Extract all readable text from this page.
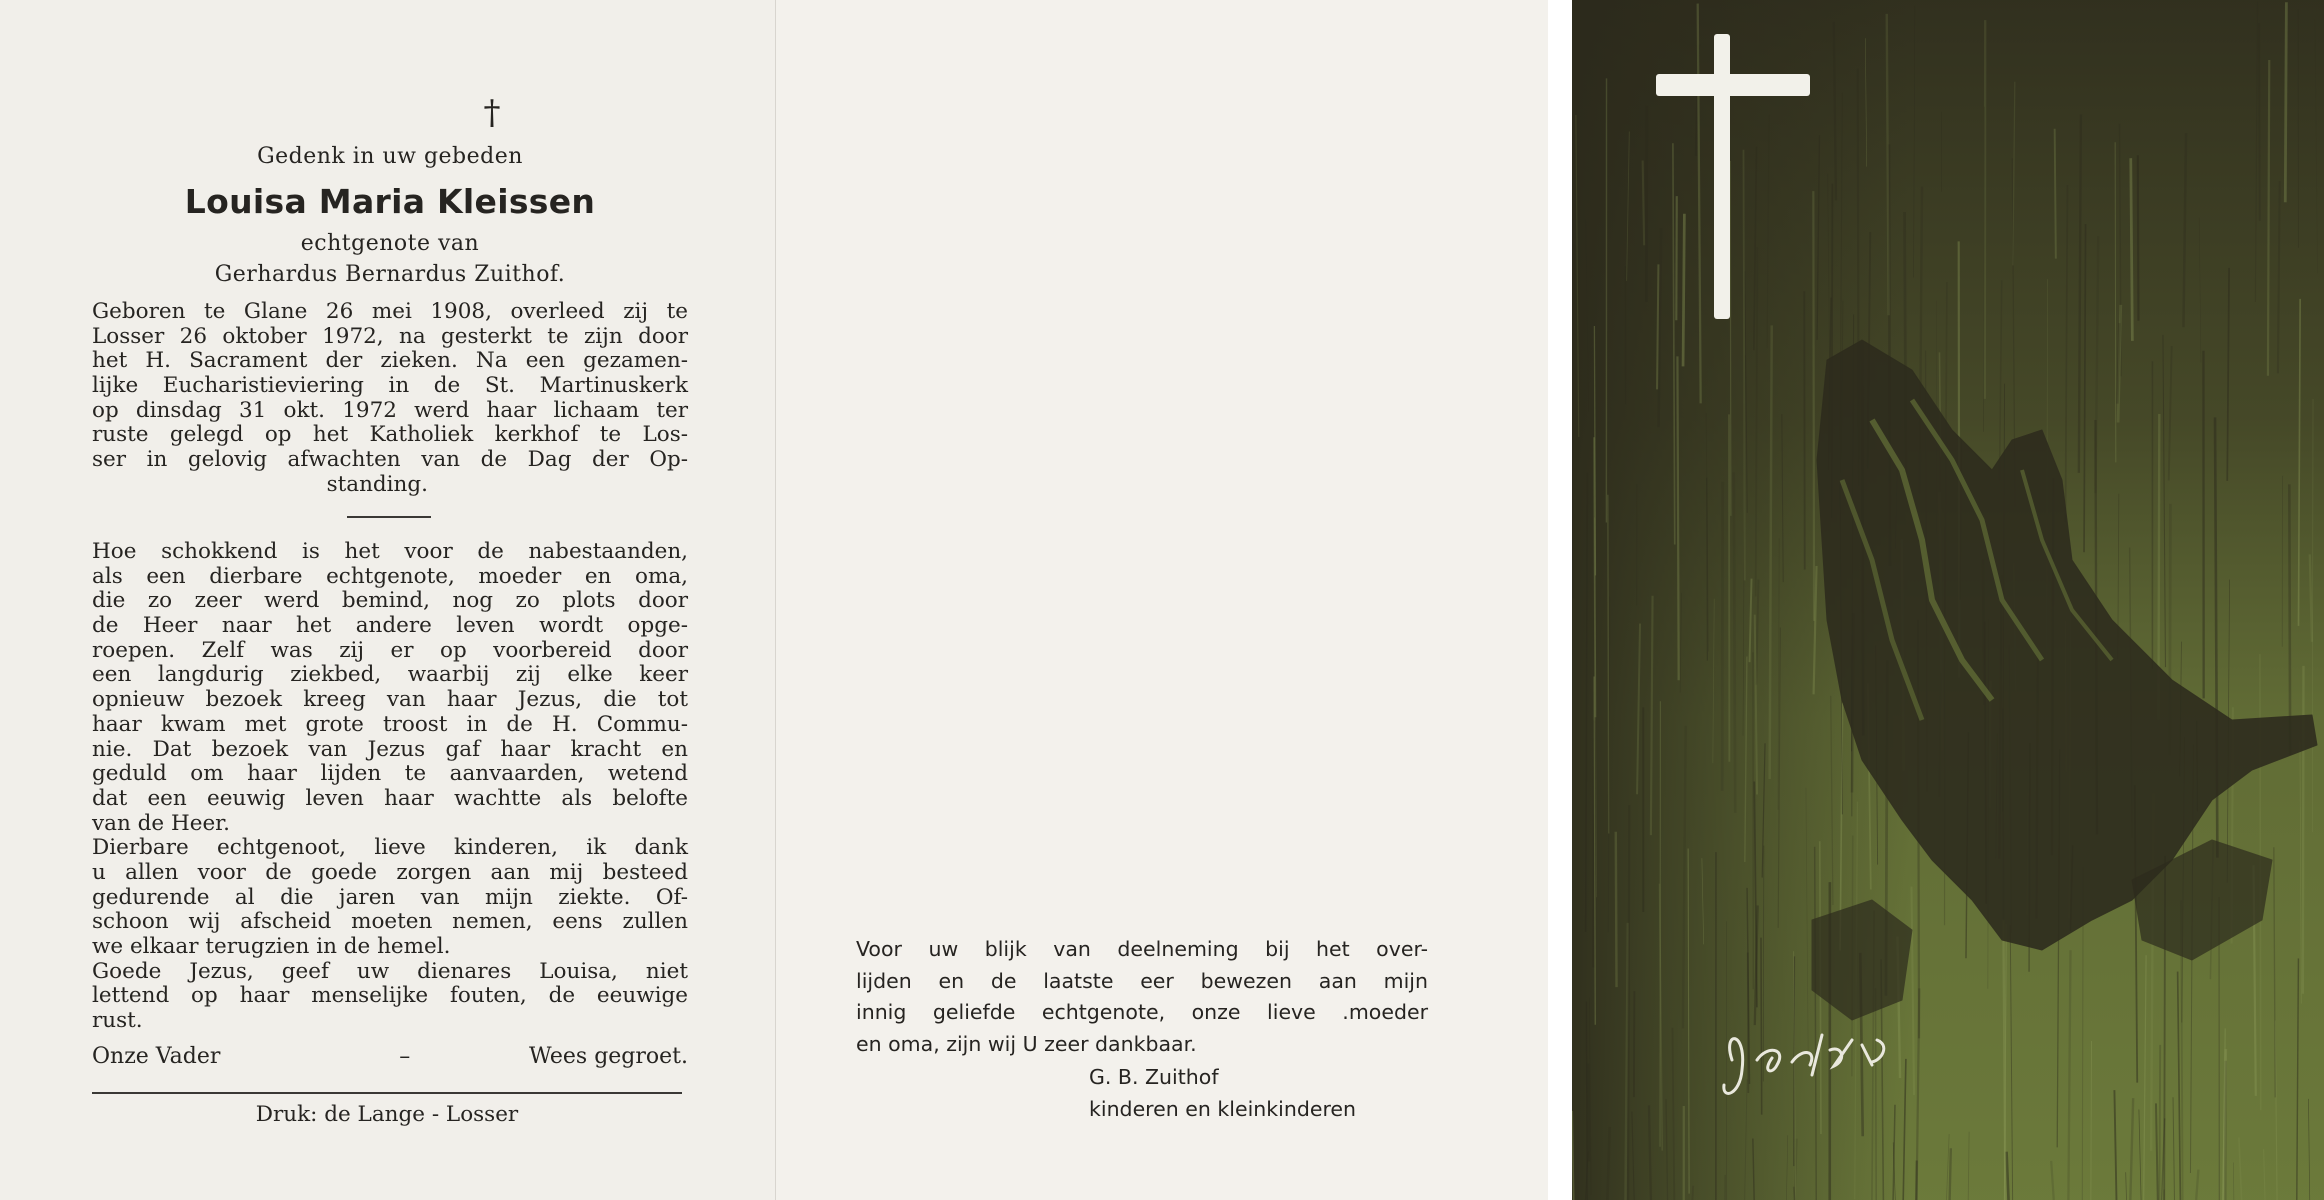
†
Gedenk in uw gebeden
Louisa Maria Kleissen
echtgenote van
Gerhardus Bernardus Zuithof.
Geboren te Glane 26 mei 1908, overleed zij te
Losser 26 oktober 1972, na gesterkt te zijn door
het H. Sacrament der zieken. Na een gezamen-
lijke Eucharistieviering in de St. Martinuskerk
op dinsdag 31 okt. 1972 werd haar lichaam ter
ruste gelegd op het Katholiek kerkhof te Los-
ser in gelovig afwachten van de Dag der Op-
standing.
Hoe schokkend is het voor de nabestaanden,
als een dierbare echtgenote, moeder en oma,
die zo zeer werd bemind, nog zo plots door
de Heer naar het andere leven wordt opge-
roepen. Zelf was zij er op voorbereid door
een langdurig ziekbed, waarbij zij elke keer
opnieuw bezoek kreeg van haar Jezus, die tot
haar kwam met grote troost in de H. Commu-
nie. Dat bezoek van Jezus gaf haar kracht en
geduld om haar lijden te aanvaarden, wetend
dat een eeuwig leven haar wachtte als belofte
van de Heer.
Dierbare echtgenoot, lieve kinderen, ik dank
u allen voor de goede zorgen aan mij besteed
gedurende al die jaren van mijn ziekte. Of-
schoon wij afscheid moeten nemen, eens zullen
we elkaar terugzien in de hemel.
Goede Jezus, geef uw dienares Louisa, niet
lettend op haar menselijke fouten, de eeuwige
rust.
Onze Vader	–	Wees gegroet.
Druk: de Lange - Losser
Voor uw blijk van deelneming bij het over-
lijden en de laatste eer bewezen aan mijn
innig geliefde echtgenote, onze lieve .moeder
en oma, zijn wij U zeer dankbaar.
G. B. Zuithof
kinderen en kleinkinderen
